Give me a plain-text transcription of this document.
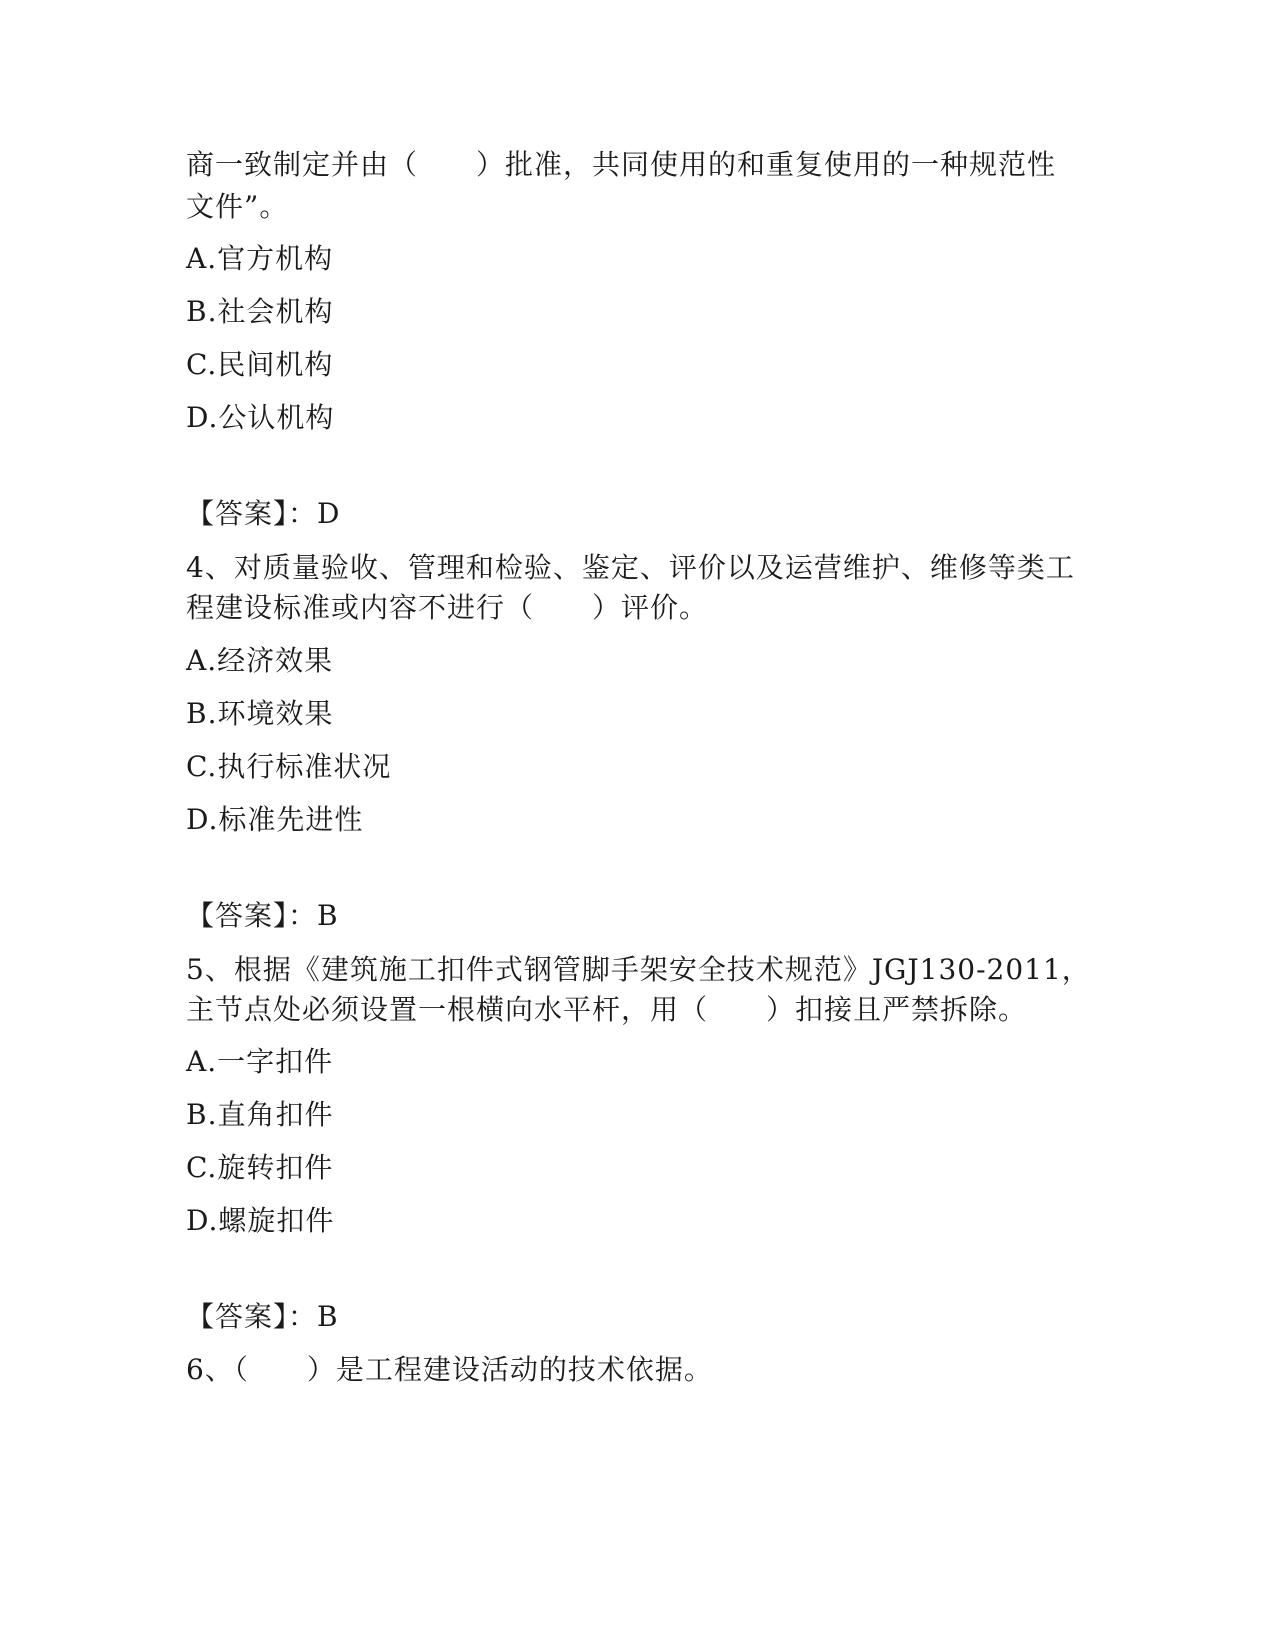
商一致制定并由（　　）批准，共同使用的和重复使用的一种规范性
文件”。
A.官方机构
B.社会机构
C.民间机构
D.公认机构
【答案】：D
4、对质量验收、管理和检验、鉴定、评价以及运营维护、维修等类工
程建设标准或内容不进行（　　）评价。
A.经济效果
B.环境效果
C.执行标准状况
D.标准先进性
【答案】：B
5、根据《建筑施工扣件式钢管脚手架安全技术规范》JGJ130-2011，
主节点处必须设置一根横向水平杆，用（　　）扣接且严禁拆除。
A.一字扣件
B.直角扣件
C.旋转扣件
D.螺旋扣件
【答案】：B
6、（　　）是工程建设活动的技术依据。
